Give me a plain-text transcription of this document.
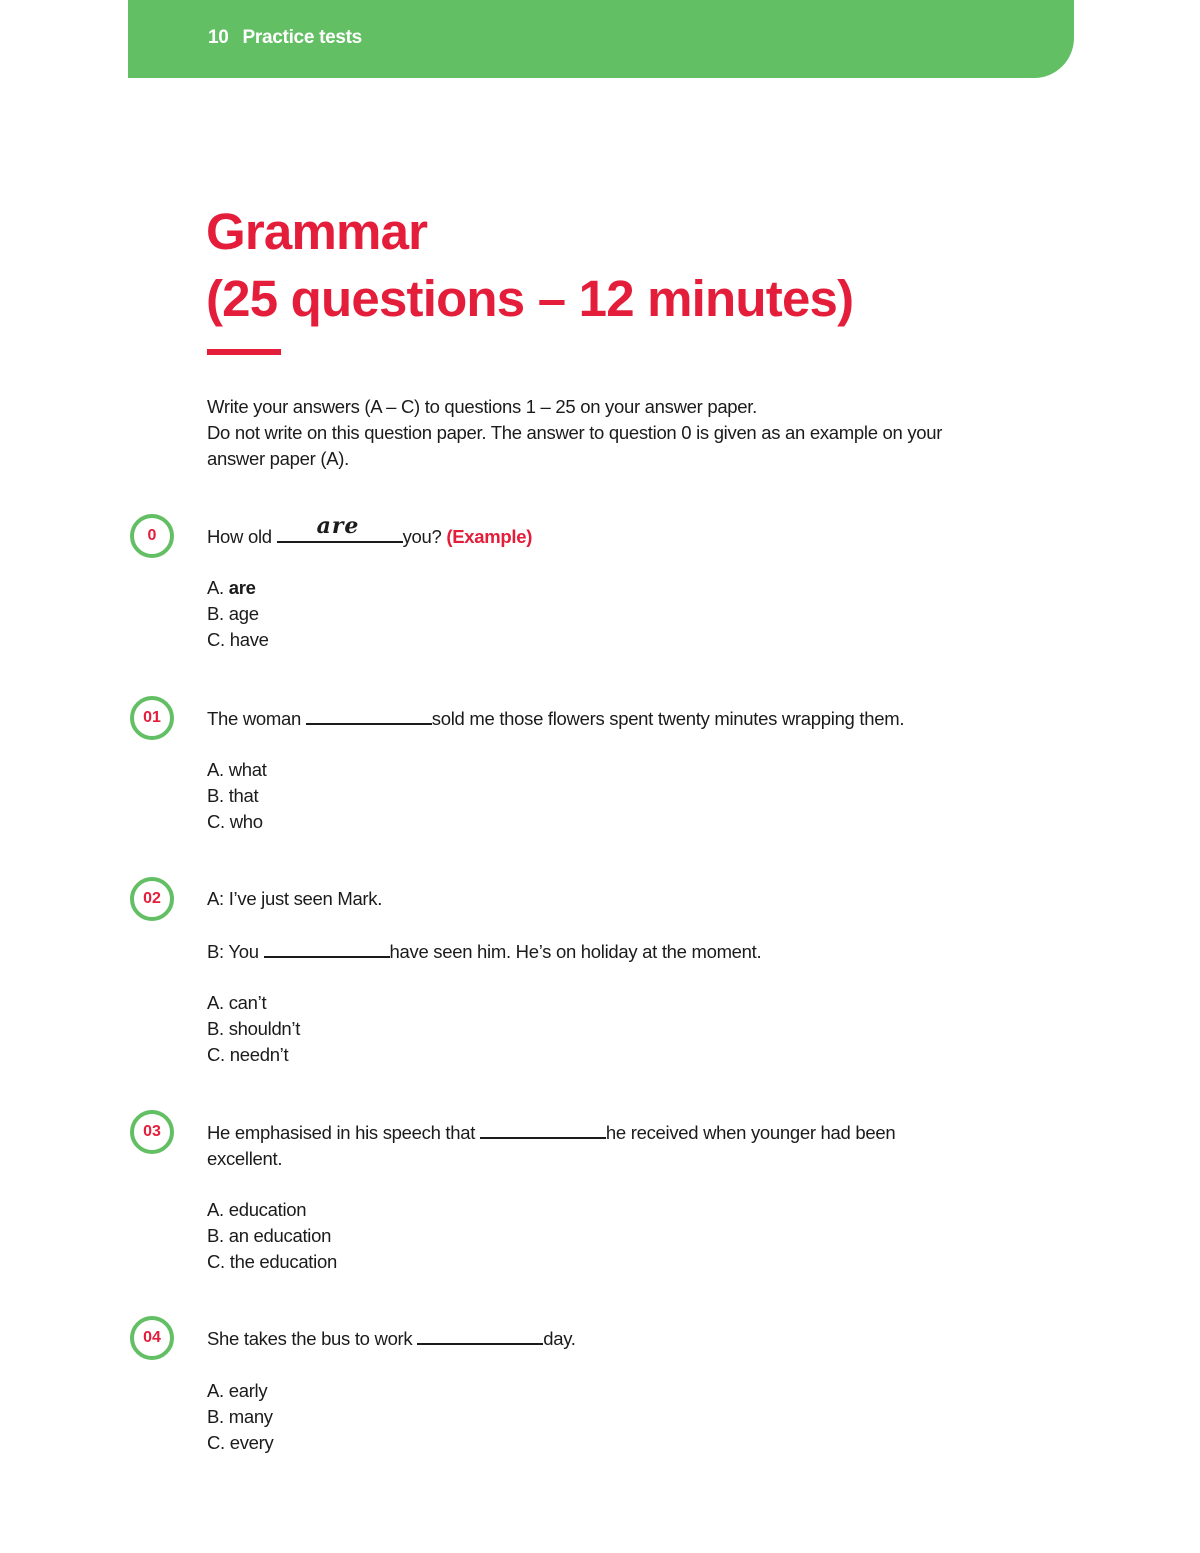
10 Practice tests
Grammar
(25 questions – 12 minutes)

Write your answers (A – C) to questions 1 – 25 on your answer paper.

Do not write on this question paper. The answer to question 0 is given as an example on your answer paper (A).

0	How old are you? (Example)

A. are
B. age
C. have
01	The woman	sold me those flowers spent twenty minutes wrapping them.

A. what
B. that
C. who
02	A: I’ve just seen Mark.

B: You	have seen him. He’s on holiday at the moment.

A. can’t
B. shouldn’t
C. needn’t
03	He emphasised in his speech that	he received when younger had been excellent.

A. education
B. an education
C. the education
04	She takes the bus to work	day.

A. early
B. many
C. every
